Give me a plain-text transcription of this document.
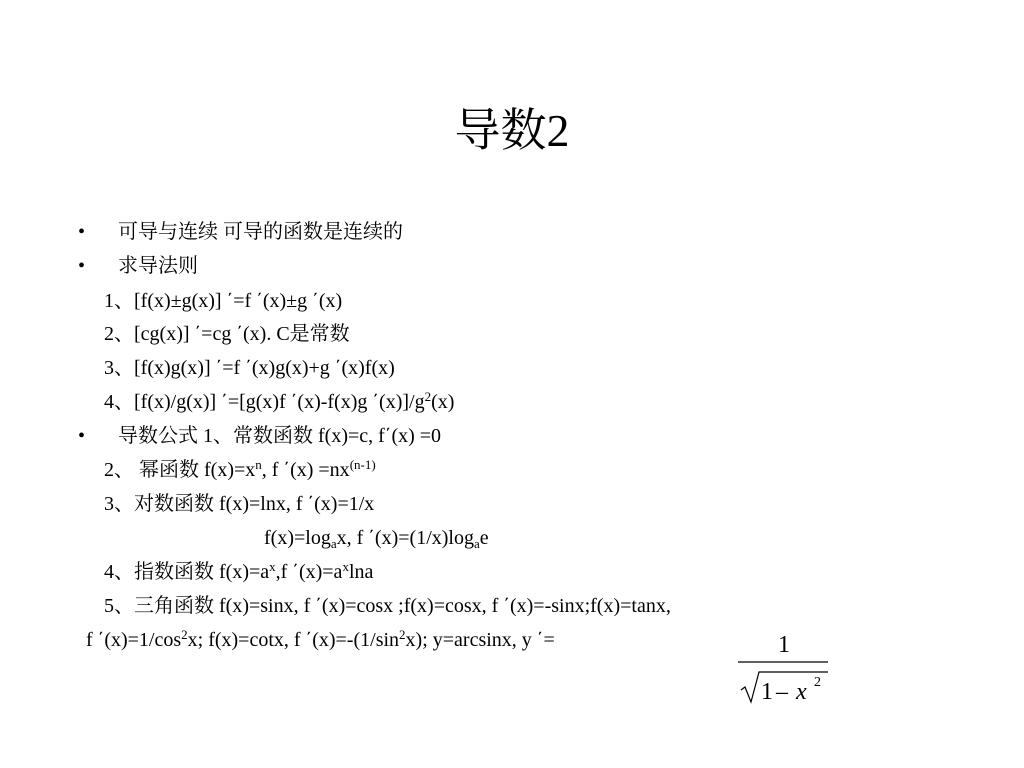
导数2
• 可导与连续 可导的函数是连续的
• 求导法则
1、[f(x)±g(x)] ΄=f ΄(x)±g ΄(x)
2、[cg(x)] ΄=cg ΄(x). C是常数
3、[f(x)g(x)] ΄=f ΄(x)g(x)+g ΄(x)f(x)
4、[f(x)/g(x)] ΄=[g(x)f ΄(x)-f(x)g $΄(x)]/g^2(x)$
• 导数公式 1、常数函数 f(x)=c, f΄(x) =0
2、 幂函数 $f(x)=x^n$, f $΄(x) =nx^{(n-1)}$
3、对数函数 f(x)=lnx, f ΄(x)=1/x
$f(x)=\log_ax$, f $΄(x)=(1/x)\log_ae$
4、指数函数 $f(x)=a^x,f$ $΄(x)=a^x\ln a$
5、三角函数 f(x)=sinx, f ΄(x)=cosx ;f(x)=cosx, f ΄(x)=-sinx;f(x)=tanx,
f $΄(x)=1/\cos^2x$; f(x)=cotx, f $΄(x)=-(1/\sin^2x)$; y=arcsinx, y ΄=	1
1 – x 2
